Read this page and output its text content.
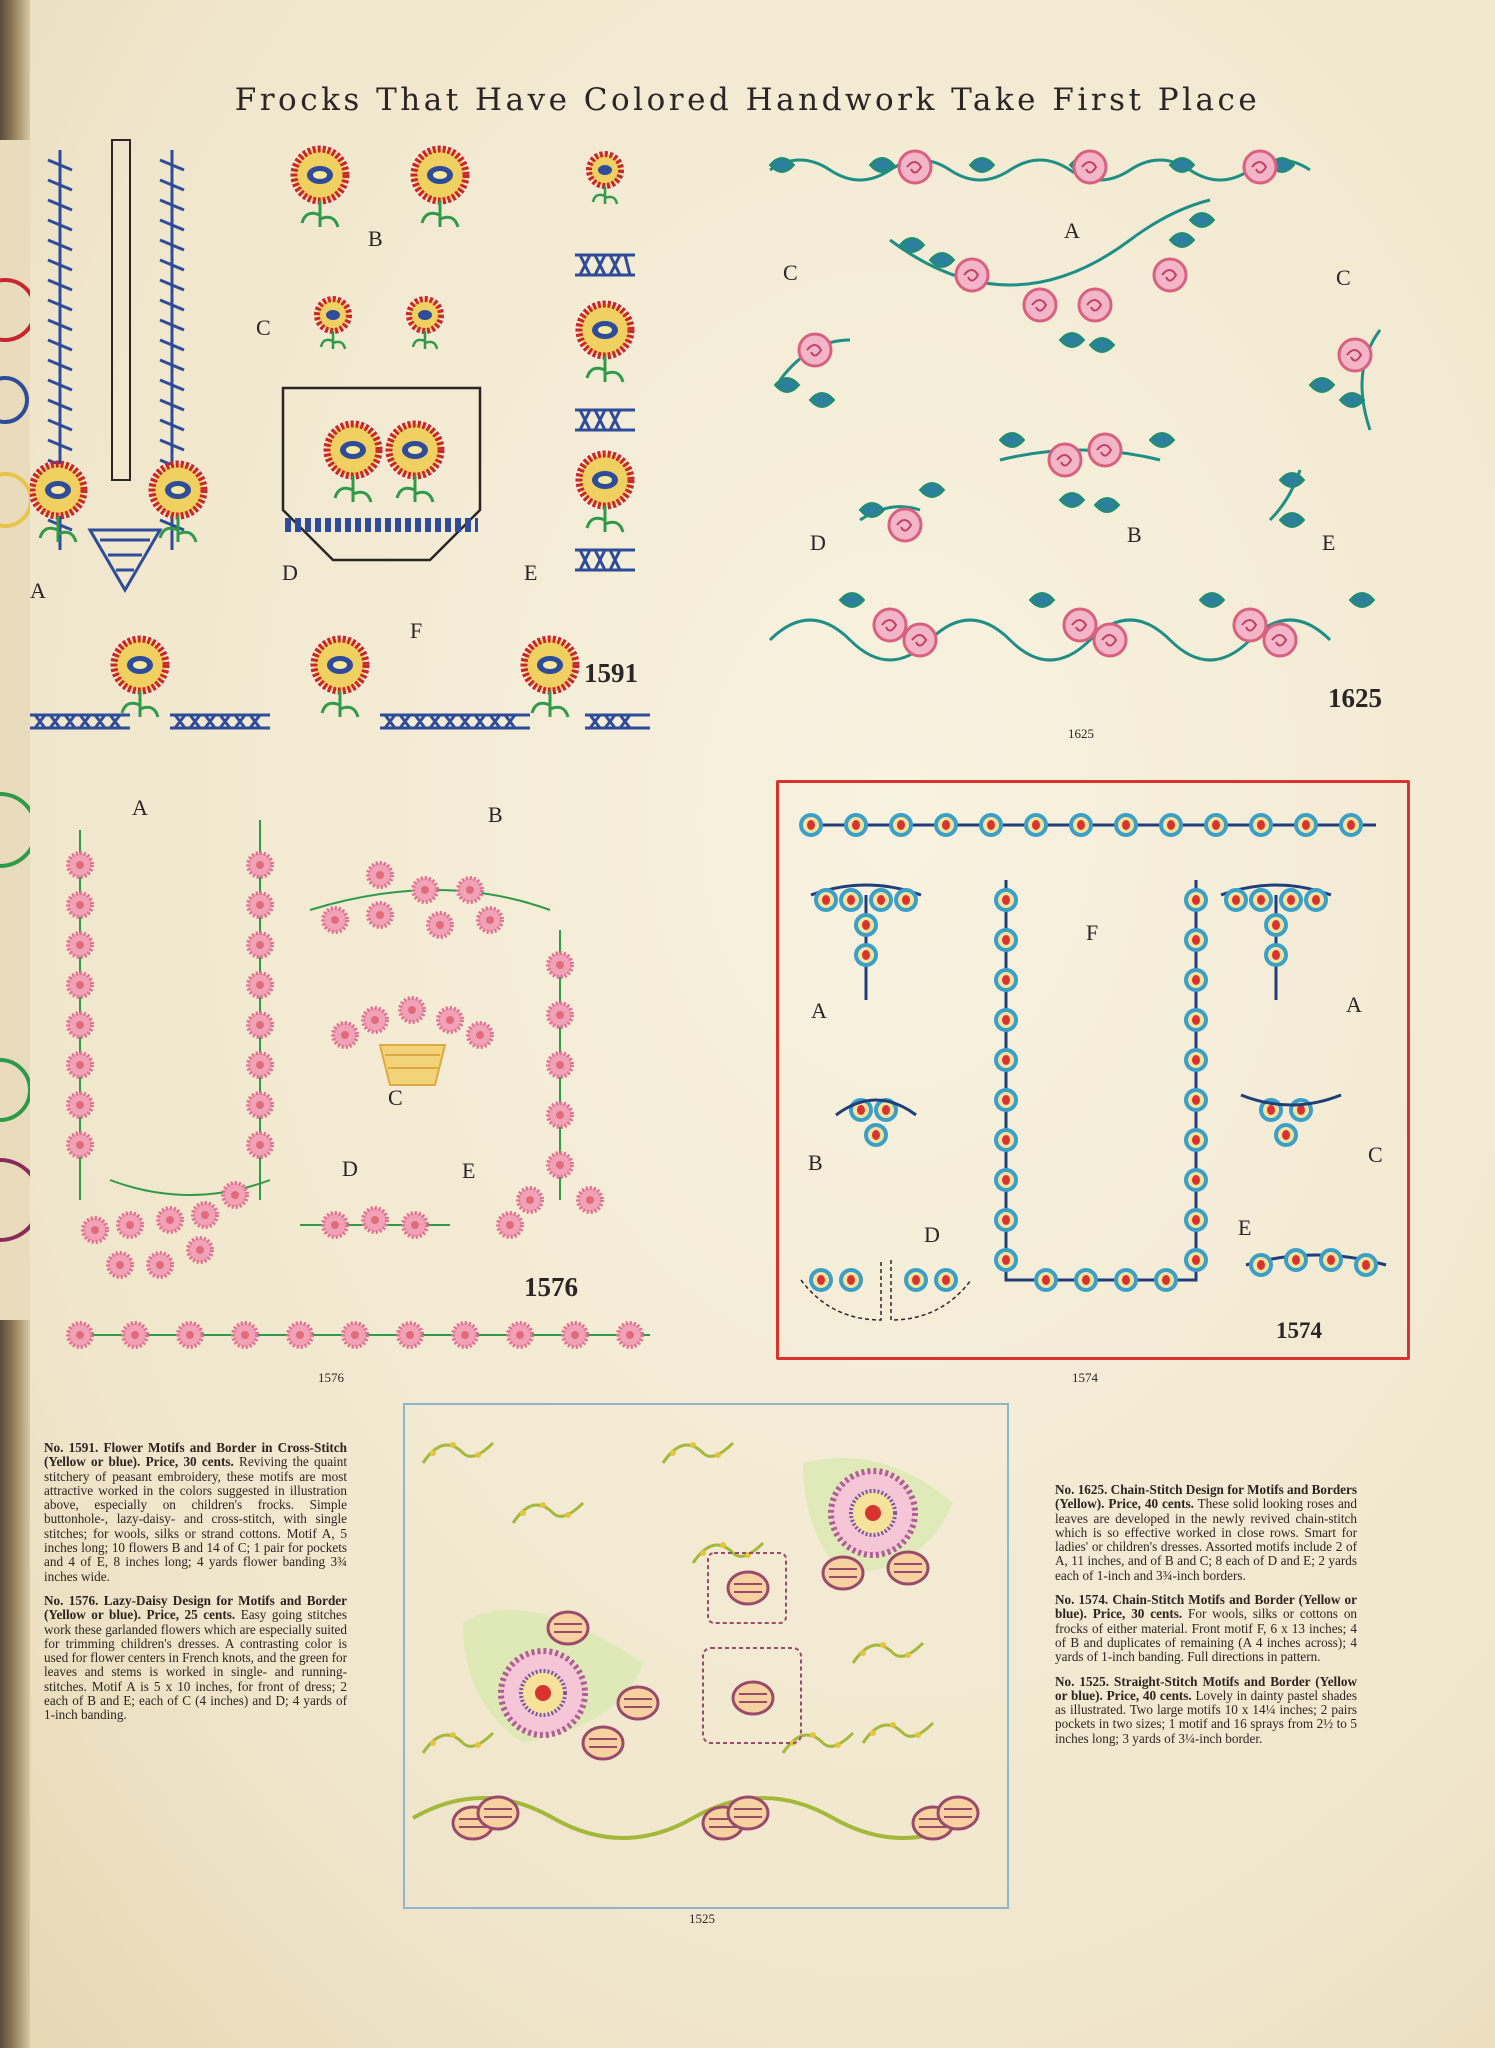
Frocks That Have Colored Handwork Take First Place
A
B
C
D	E
F
1591
A
C	C
D	B	E
1625
1625
A	B
C
D	E
1576
1576
A	A
F
B	C
D	E
1574
1574
1525

No. 1591. Flower Motifs and Border in Cross-Stitch (Yellow or blue). Price, 30 cents. Reviving the quaint stitchery of peasant embroidery, these motifs are most attractive worked in the colors suggested in illustration above, especially on children's frocks. Simple buttonhole-, lazy-daisy- and cross-stitch, with single stitches; for wools, silks or strand cottons. Motif A, 5 inches long; 10 flowers B and 14 of C; 1 pair for pockets and 4 of E, 8 inches long; 4 yards flower banding 3¾ inches wide.

No. 1576. Lazy-Daisy Design for Motifs and Border (Yellow or blue). Price, 25 cents. Easy going stitches work these garlanded flowers which are especially suited for trimming children's dresses. A contrasting color is used for flower centers in French knots, and the green for leaves and stems is worked in single- and running-stitches. Motif A is 5 x 10 inches, for front of dress; 2 each of B and E; each of C (4 inches) and D; 4 yards of 1-inch banding.

No. 1625. Chain-Stitch Design for Motifs and Borders (Yellow). Price, 40 cents. These solid looking roses and leaves are developed in the newly revived chain-stitch which is so effective worked in close rows. Smart for ladies' or children's dresses. Assorted motifs include 2 of A, 11 inches, and of B and C; 8 each of D and E; 2 yards each of 1-inch and 3¾-inch borders.

No. 1574. Chain-Stitch Motifs and Border (Yellow or blue). Price, 30 cents. For wools, silks or cottons on frocks of either material. Front motif F, 6 x 13 inches; 4 of B and duplicates of remaining (A 4 inches across); 4 yards of 1-inch banding. Full directions in pattern.

No. 1525. Straight-Stitch Motifs and Border (Yellow or blue). Price, 40 cents. Lovely in dainty pastel shades as illustrated. Two large motifs 10 x 14¼ inches; 2 pairs pockets in two sizes; 1 motif and 16 sprays from 2½ to 5 inches long; 3 yards of 3¼-inch border.
